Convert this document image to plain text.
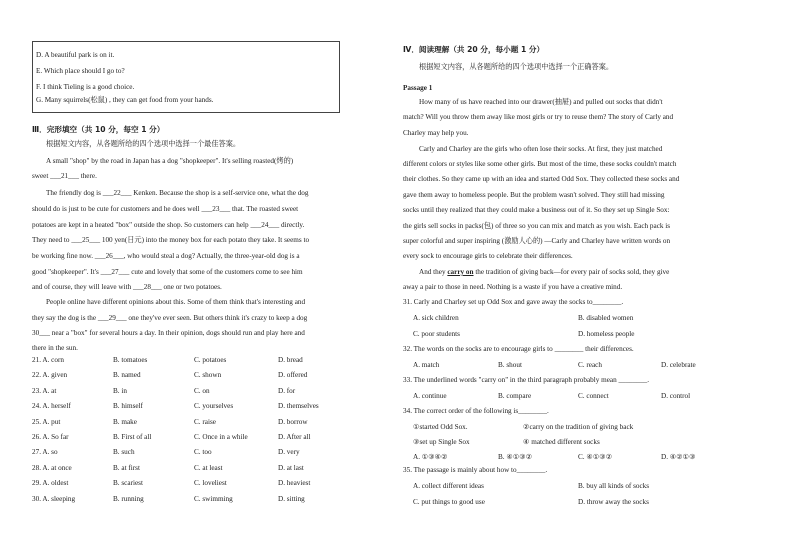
D. A beautiful park is on it.
E. Which place should I go to?
F. I think Tieling is a good choice.
G. Many squirrels(松鼠) , they can get food from your hands.
Ⅲ．完形填空（共 10 分，每空 1 分）
根据短文内容，从各题所给的四个选项中选择一个最佳答案。
A small "shop" by the road in Japan has a dog "shopkeeper". It's selling roasted(烤的)
sweet ___21___ there.
The friendly dog is ___22___ Kenken. Because the shop is a self-service one, what the dog
should do is just to be cute for customers and he does well ___23___ that. The roasted sweet
potatoes are kept in a heated "box" outside the shop. So customers can help ___24___ directly.
They need to ___25___ 100 yen(日元) into the money box for each potato they take. It seems to
be working fine now. ___26___, who would steal a dog? Actually, the three-year-old dog is a
good "shopkeeper". It's ___27___ cute and lovely that some of the customers come to see him
and of course, they will leave with ___28___ one or two potatoes.
People online have different opinions about this. Some of them think that's interesting and
they say the dog is the ___29___ one they've ever seen. But others think it's crazy to keep a dog
30___ near a "box" for several hours a day. In their opinion, dogs should run and play here and
there in the sun.
21. A. corn	B. tomatoes	C. potatoes	D. bread
22. A. given	B. named	C. shown	D. offered
23. A. at	B. in	C. on	D. for
24. A. herself	B. himself	C. yourselves	D. themselves
25. A. put	B. make	C. raise	D. borrow
26. A. So far	B. First of all	C. Once in a while	D. After all
27. A. so	B. such	C. too	D. very
28. A. at once	B. at first	C. at least	D. at last
29. A. oldest	B. scariest	C. loveliest	D. heaviest
30. A. sleeping	B. running	C. swimming	D. sitting
Ⅳ．阅读理解（共 20 分，每小题 1 分）
根据短文内容，从各题所给的四个选项中选择一个正确答案。
Passage 1
How many of us have reached into our drawer(抽屉) and pulled out socks that didn't
match? Will you throw them away like most girls or try to reuse them? The story of Carly and
Charley may help you.
Carly and Charley are the girls who often lose their socks. At first, they just matched
different colors or styles like some other girls. But most of the time, these socks couldn't match
their clothes. So they came up with an idea and started Odd Sox. They collected these socks and
gave them away to homeless people. But the problem wasn't solved. They still had missing
socks until they realized that they could make a business out of it. So they set up Single Sox:
the girls sell socks in packs(包) of three so you can mix and match as you wish. Each pack is
super colorful and super inspiring (激励人心的) —Carly and Charley have written words on
every sock to encourage girls to celebrate their differences.
And they carry on the tradition of giving back—for every pair of socks sold, they give
away a pair to those in need. Nothing is a waste if you have a creative mind.
31. Carly and Charley set up Odd Sox and gave away the socks to________.
A. sick children	B. disabled women
C. poor students	D. homeless people
32. The words on the socks are to encourage girls to ________ their differences.
A. match	B. shout	C. reach	D. celebrate
33. The underlined words "carry on" in the third paragraph probably mean ________.
A. continue	B. compare	C. connect	D. control
34. The correct order of the following is________.
①started Odd Sox.	②carry on the tradition of giving back
③set up Single Sox	④ matched different socks
A. ①③④②	B. ④①③②	C. ④①③②	D. ④②①③
35. The passage is mainly about how to________.
A. collect different ideas	B. buy all kinds of socks
C. put things to good use	D. throw away the socks
